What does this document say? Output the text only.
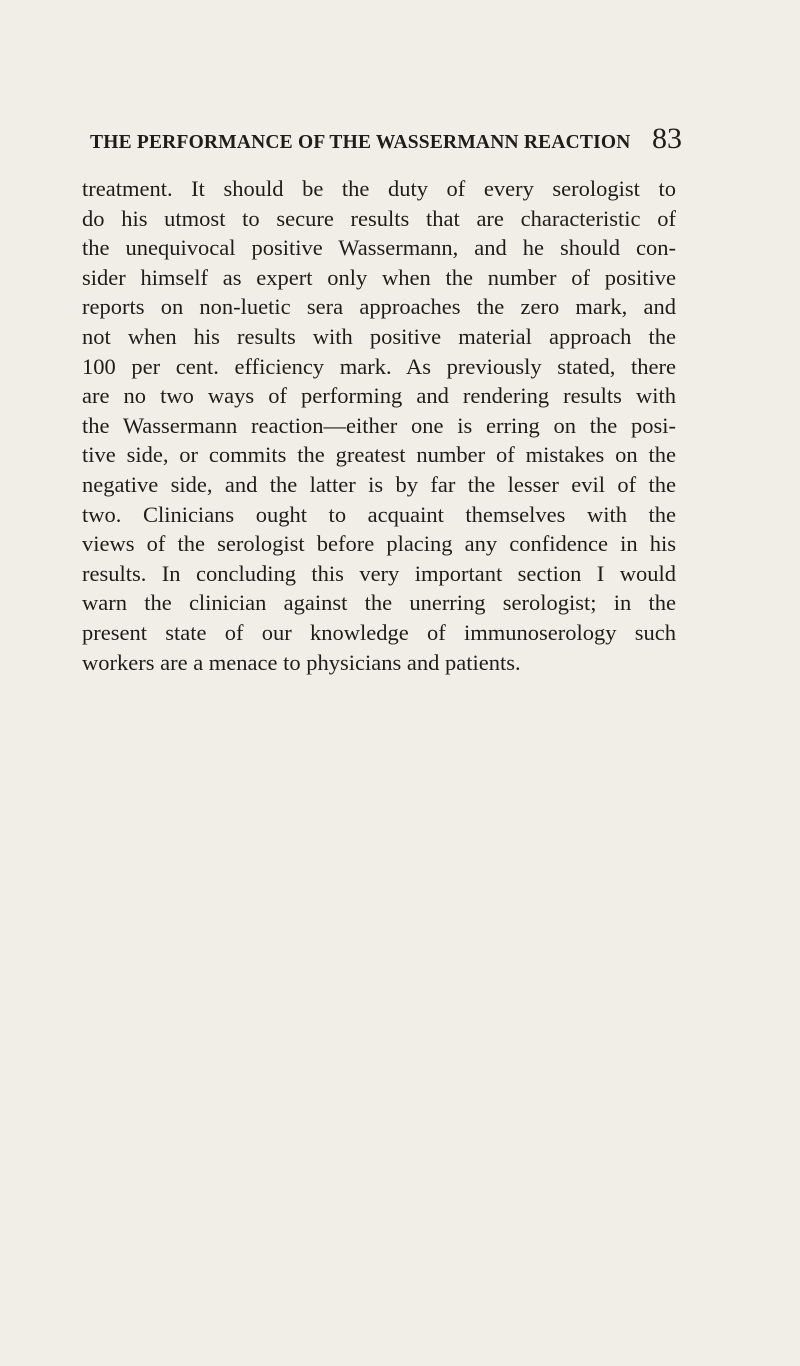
THE PERFORMANCE OF THE WASSERMANN REACTION 83
treatment. It should be the duty of every serologist to
do his utmost to secure results that are characteristic of
the unequivocal positive Wassermann, and he should con-
sider himself as expert only when the number of positive
reports on non-luetic sera approaches the zero mark, and
not when his results with positive material approach the
100 per cent. efficiency mark. As previously stated, there
are no two ways of performing and rendering results with
the Wassermann reaction—either one is erring on the posi-
tive side, or commits the greatest number of mistakes on the
negative side, and the latter is by far the lesser evil of the
two. Clinicians ought to acquaint themselves with the
views of the serologist before placing any confidence in his
results. In concluding this very important section I would
warn the clinician against the unerring serologist; in the
present state of our knowledge of immunoserology such
workers are a menace to physicians and patients.
